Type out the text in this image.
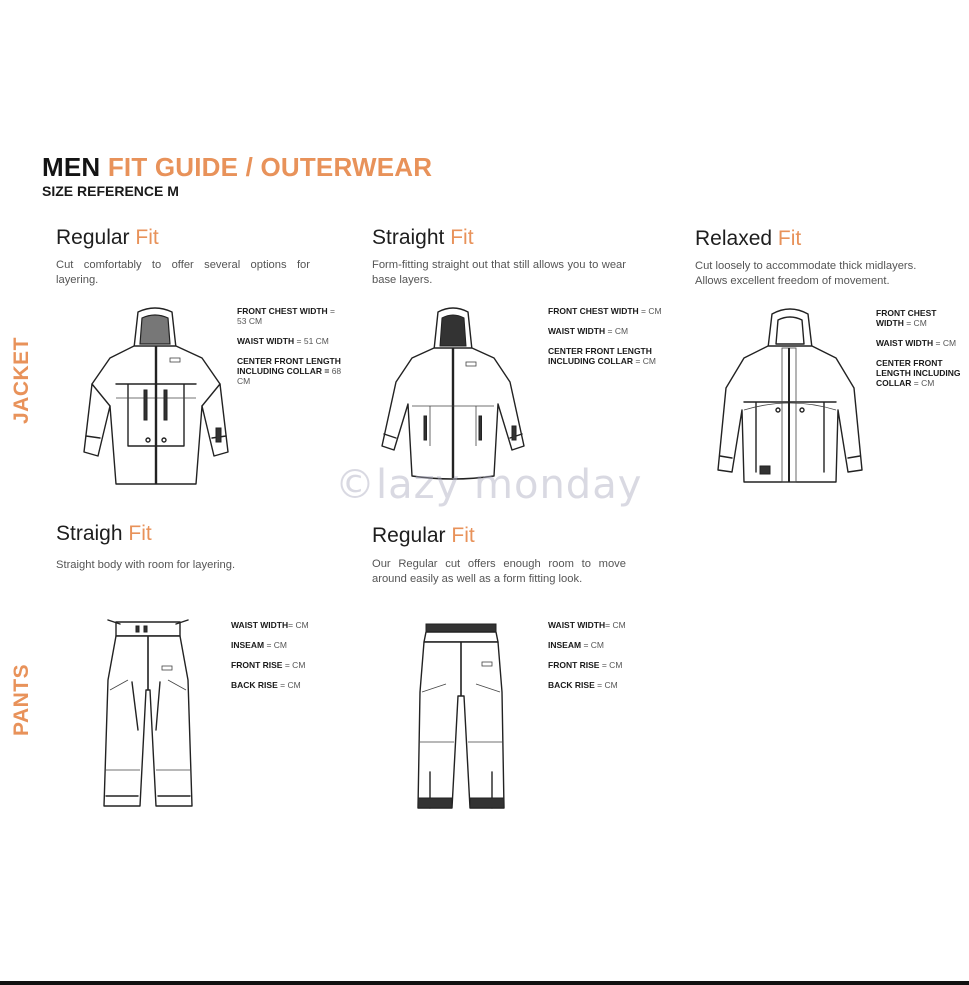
MEN FIT GUIDE / OUTERWEAR
SIZE REFERENCE M
JACKET
PANTS
Regular Fit
Cut comfortably to offer several options for layering.
FRONT CHEST WIDTH = 53 CM
WAIST WIDTH = 51 CM
CENTER FRONT LENGTH INCLUDING COLLAR = 68 CM
Straight Fit
Form-fitting straight out that still allows you to wear base layers.
FRONT CHEST WIDTH = CM
WAIST WIDTH = CM
CENTER FRONT LENGTH INCLUDING COLLAR = CM
Relaxed Fit
Cut loosely to accommodate thick midlayers. Allows excellent freedom of movement.
FRONT CHEST WIDTH = CM
WAIST WIDTH = CM
CENTER FRONT LENGTH INCLUDING COLLAR = CM
©lazy monday
Straigh Fit
Straight body with room for layering.
WAIST WIDTH= CM
INSEAM = CM
FRONT RISE = CM
BACK RISE = CM
Regular Fit
Our Regular cut offers enough room to move around easily as well as a form fitting look.
WAIST WIDTH= CM
INSEAM = CM
FRONT RISE = CM
BACK RISE = CM
